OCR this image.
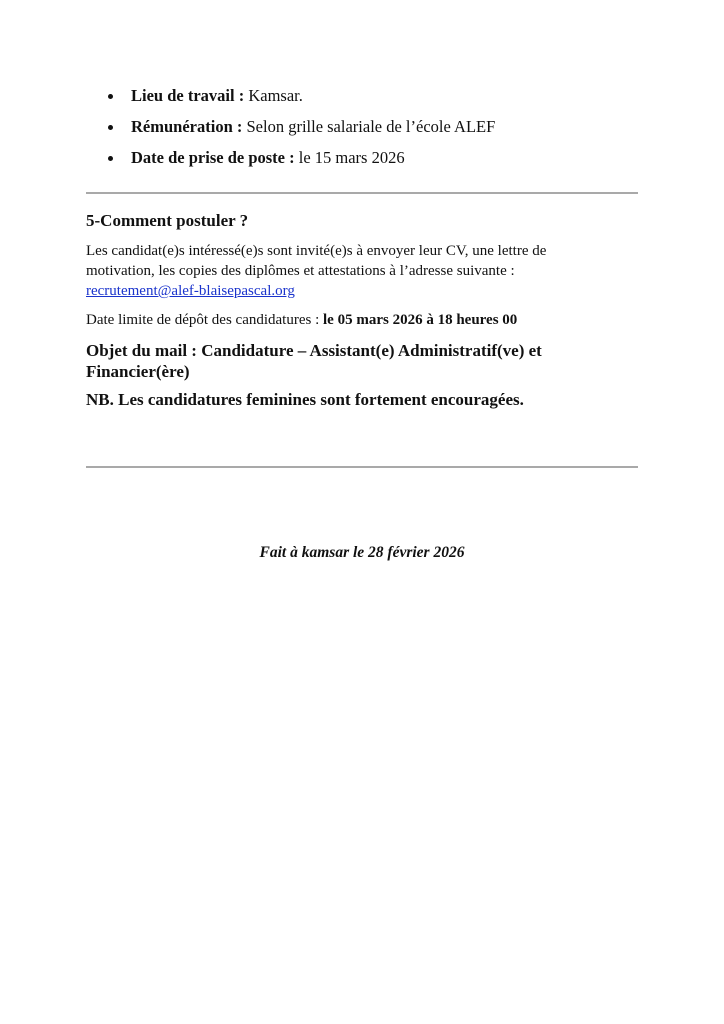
Lieu de travail : Kamsar.
Rémunération : Selon grille salariale de l’école ALEF
Date de prise de poste : le 15 mars 2026
5-Comment postuler ?
Les candidat(e)s intéressé(e)s sont invité(e)s à envoyer leur CV, une lettre de
motivation, les copies des diplômes et attestations à l’adresse suivante :
recrutement@alef-blaisepascal.org
Date limite de dépôt des candidatures : le 05 mars 2026 à 18 heures 00
Objet du mail : Candidature – Assistant(e) Administratif(ve) et
Financier(ère)
NB. Les candidatures feminines sont fortement encouragées.
Fait à kamsar le 28 février 2026
